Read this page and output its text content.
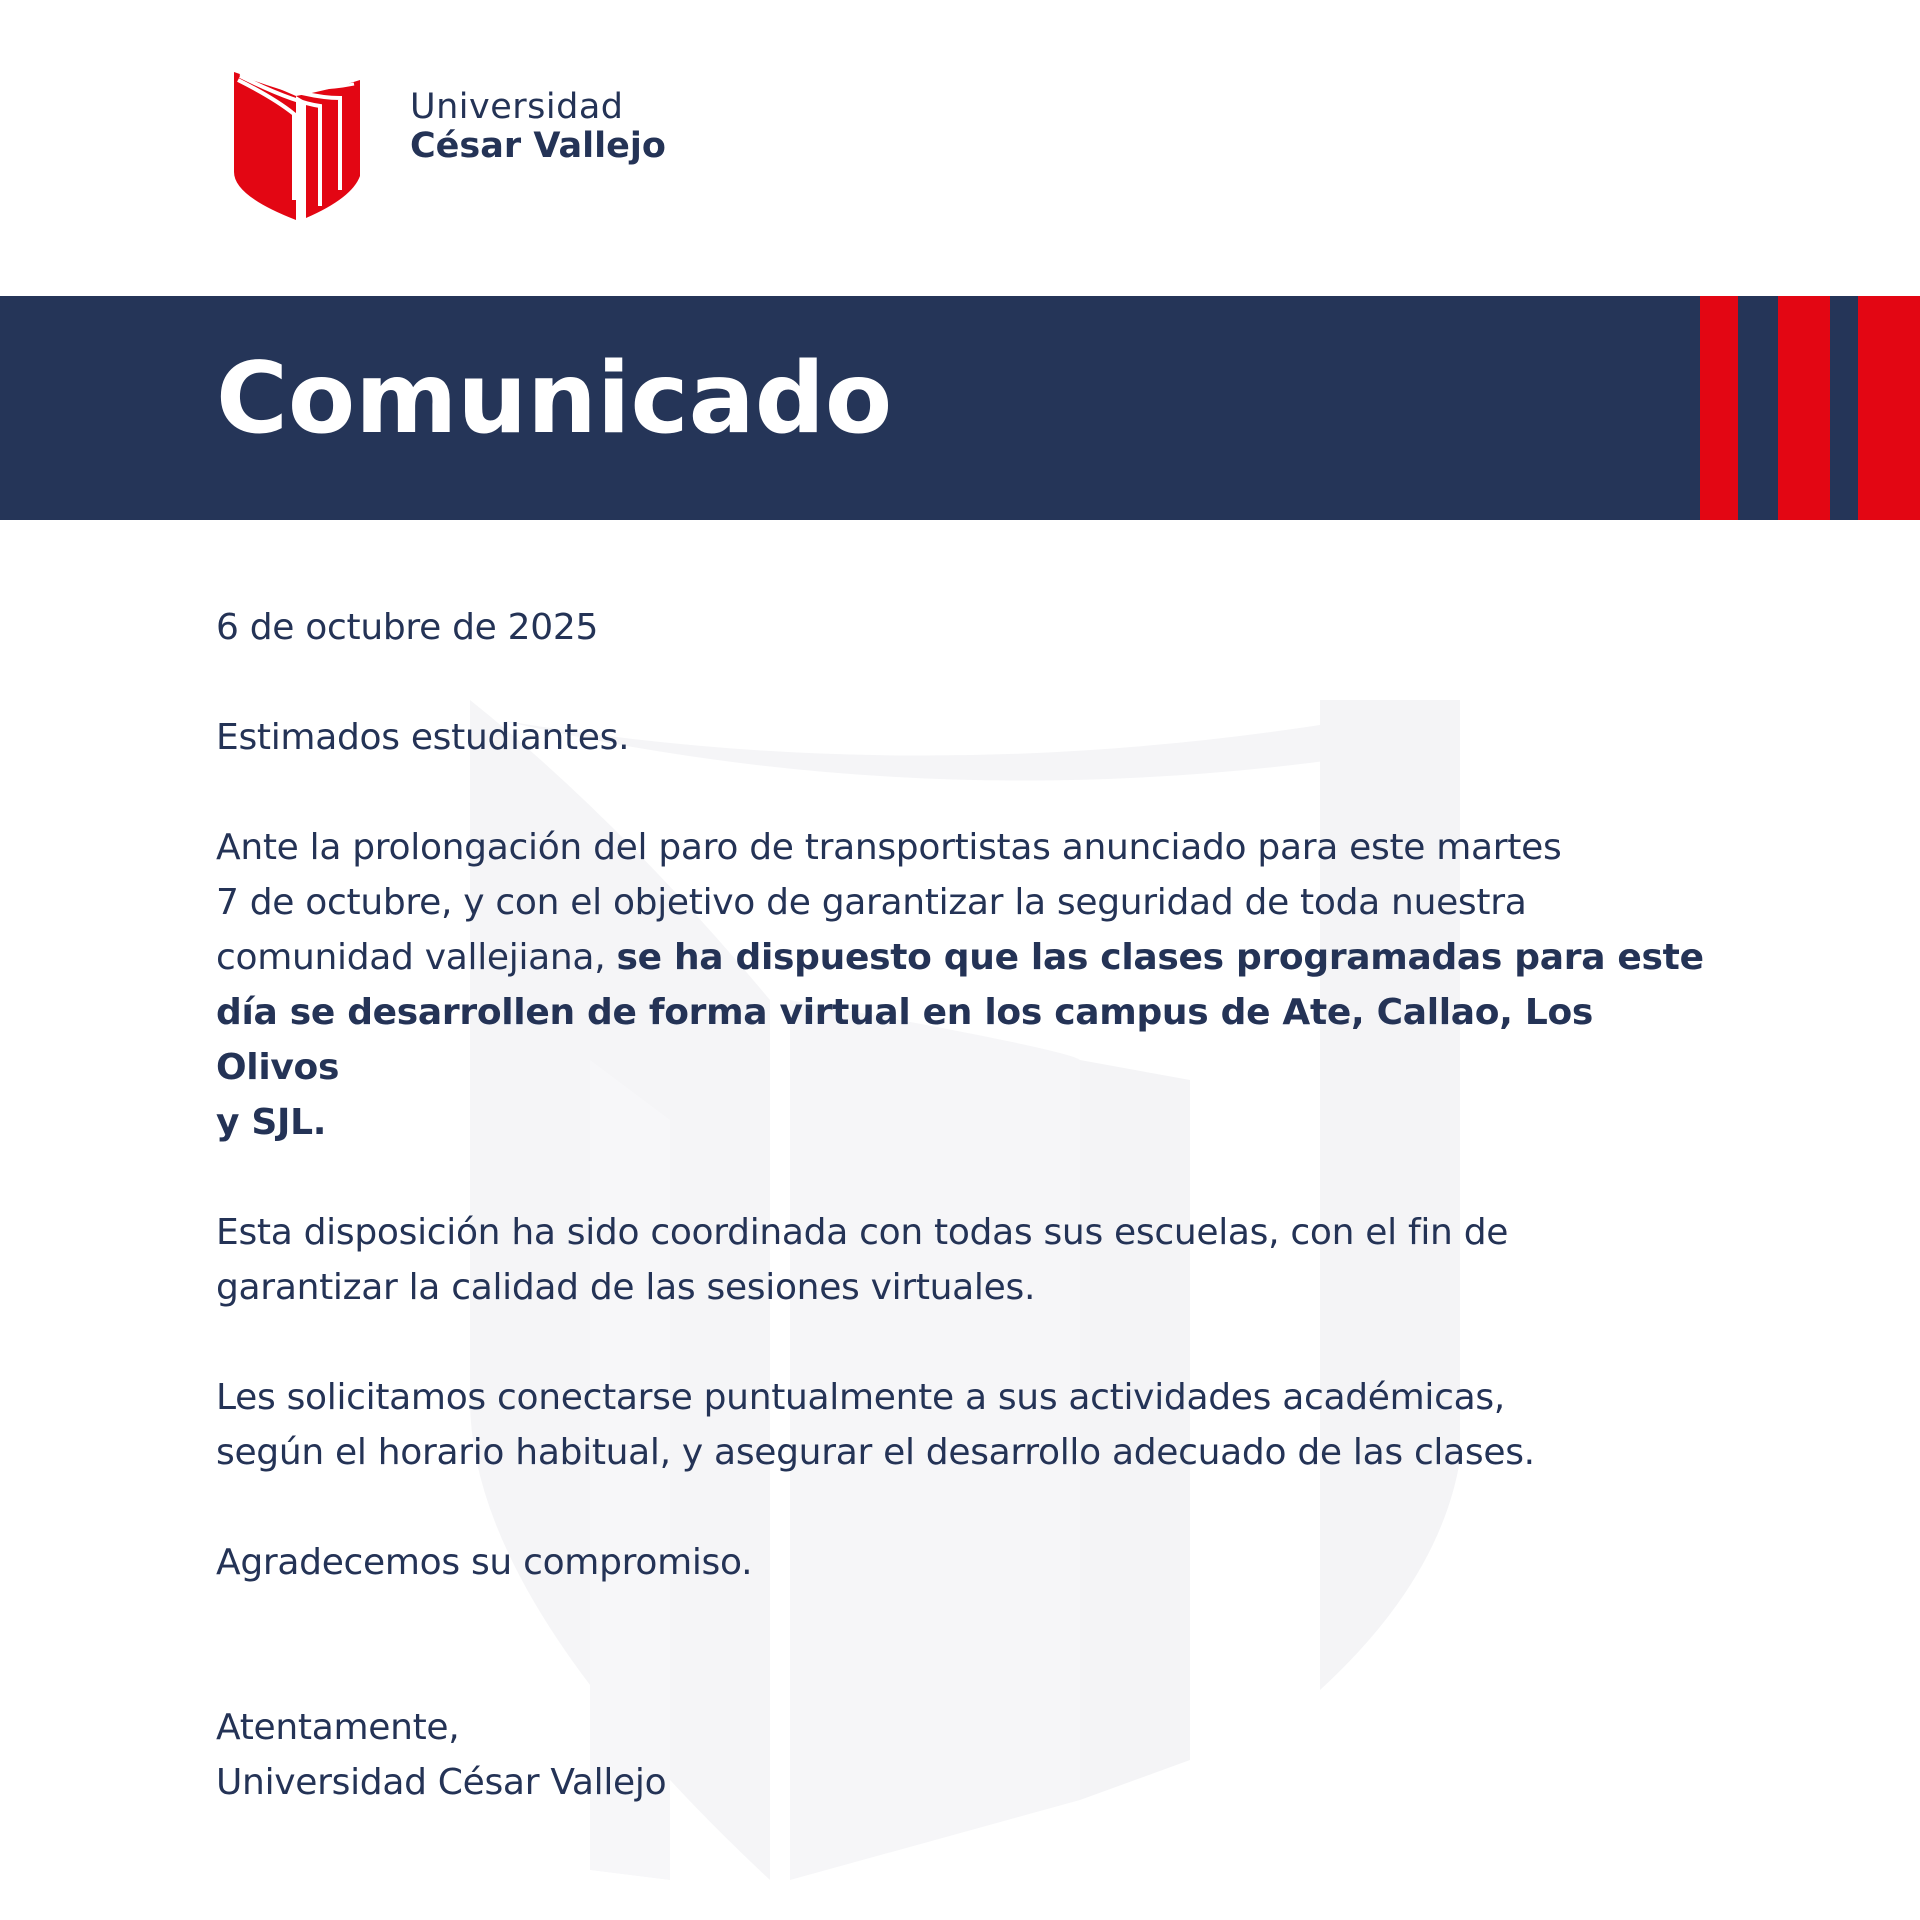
Universidad
César Vallejo
Comunicado

6 de octubre de 2025

Estimados estudiantes.

Ante la prolongación del paro de transportistas anunciado para este martes

7 de octubre, y con el objetivo de garantizar la seguridad de toda nuestra

comunidad vallejiana, se ha dispuesto que las clases programadas para este

día se desarrollen de forma virtual en los campus de Ate, Callao, Los Olivos

y SJL.

Esta disposición ha sido coordinada con todas sus escuelas, con el fin de

garantizar la calidad de las sesiones virtuales.

Les solicitamos conectarse puntualmente a sus actividades académicas,

según el horario habitual, y asegurar el desarrollo adecuado de las clases.

Agradecemos su compromiso.

Atentamente,

Universidad César Vallejo
